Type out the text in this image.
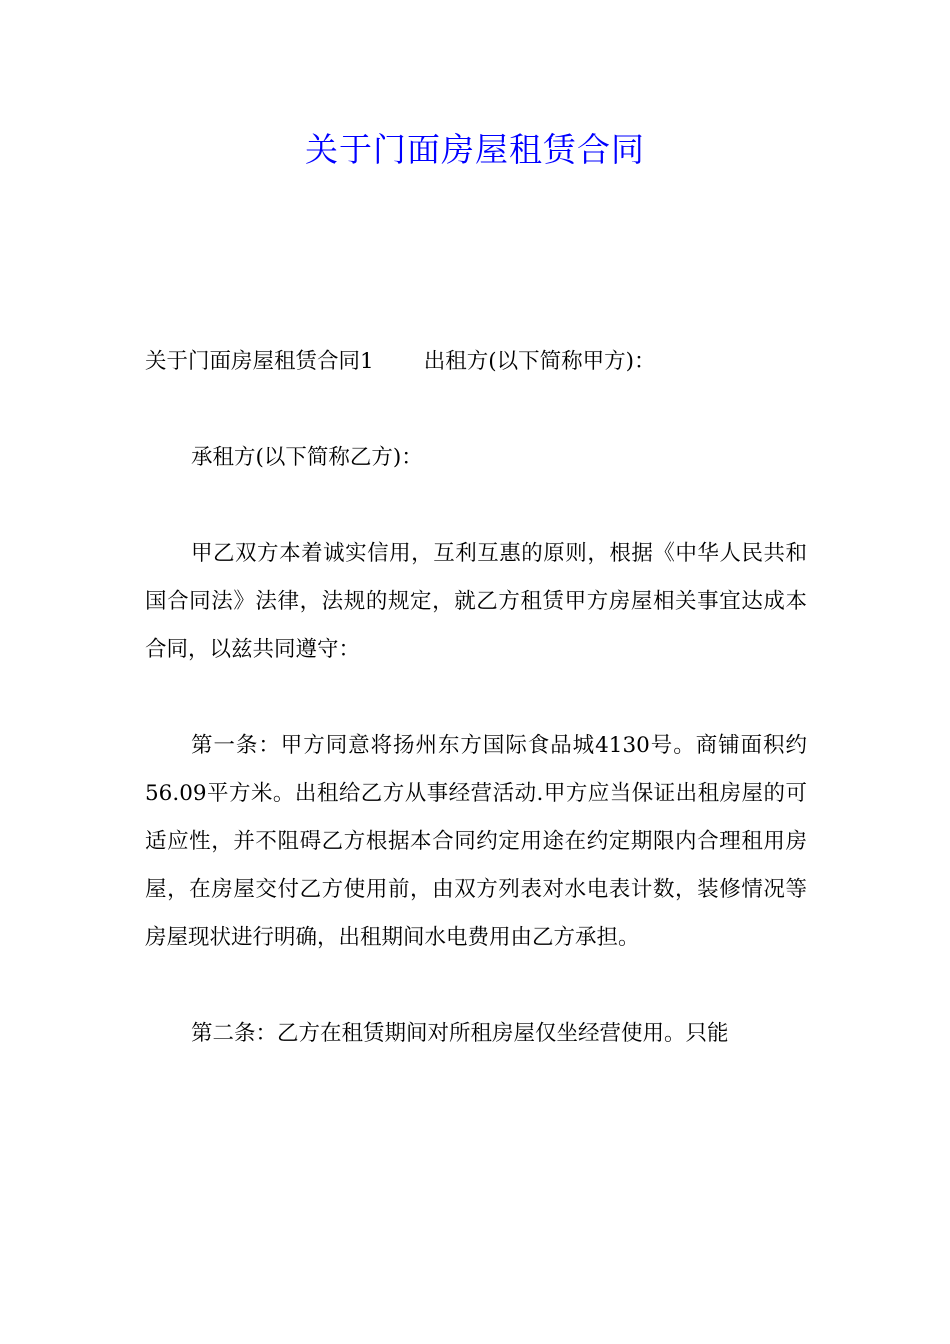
关于门面房屋租赁合同

关于门面房屋租赁合同1 出租方(以下简称甲方)：

承租方(以下简称乙方)：

甲乙双方本着诚实信用，互利互惠的原则，根据《中华人民共和国合同法》法律，法规的规定，就乙方租赁甲方房屋相关事宜达成本合同，以兹共同遵守：

第一条：甲方同意将扬州东方国际食品城4130号。商铺面积约56.09平方米。出租给乙方从事经营活动.甲方应当保证出租房屋的可适应性，并不阻碍乙方根据本合同约定用途在约定期限内合理租用房屋，在房屋交付乙方使用前，由双方列表对水电表计数，装修情况等房屋现状进行明确，出租期间水电费用由乙方承担。

第二条：乙方在租赁期间对所租房屋仅坐经营使用。只能
